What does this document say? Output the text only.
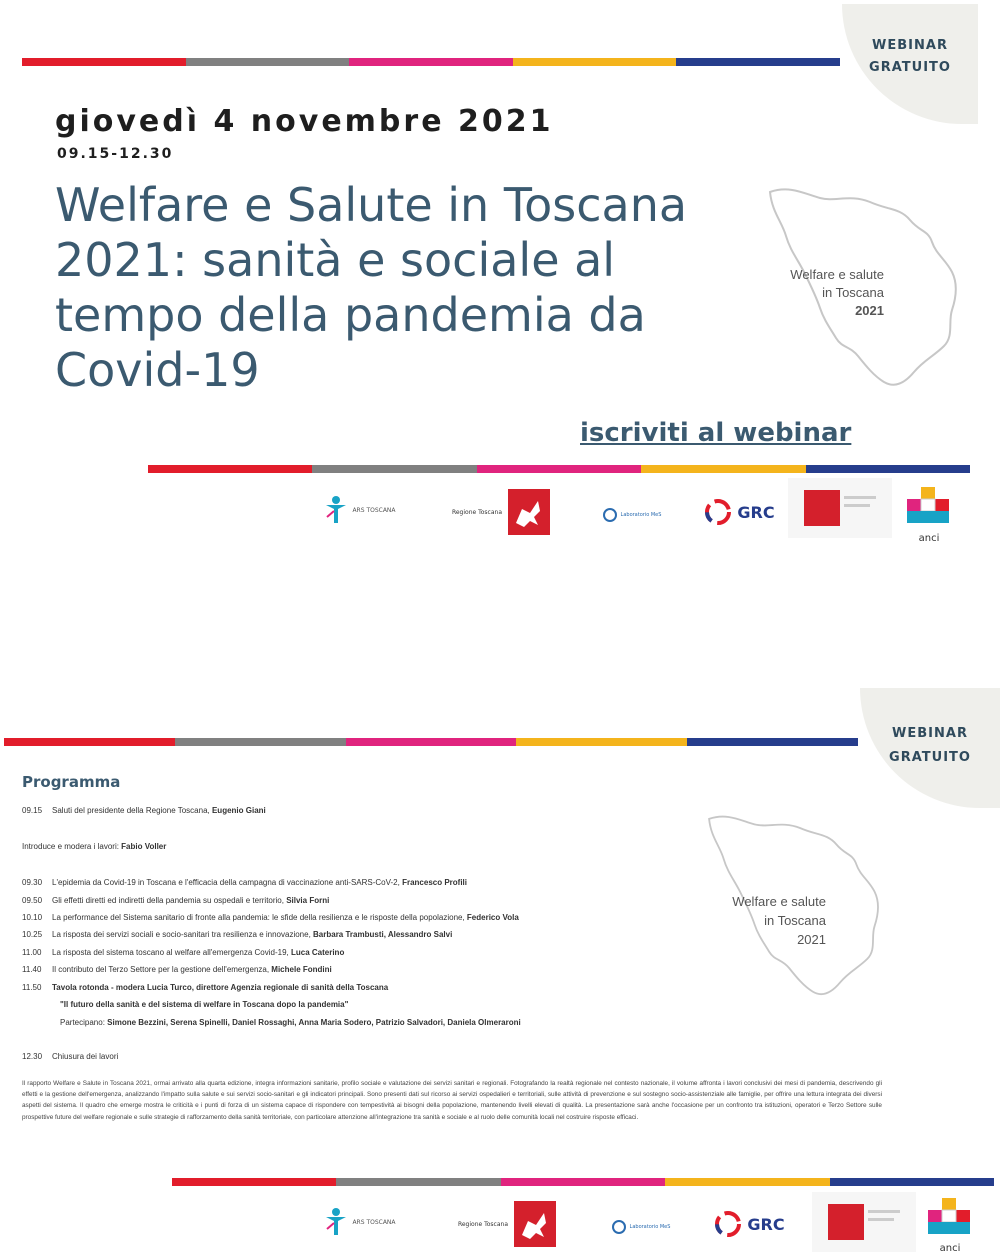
WEBINAR
GRATUITO
giovedì 4 novembre 2021
09.15-12.30
Welfare e Salute in Toscana 2021: sanità e sociale al tempo della pandemia da Covid-19
Welfare e salute
in Toscana
2021
iscriviti al webinar
ARS TOSCANA	Regione Toscana	Laboratorio MeS	GRC
anci
WEBINAR
GRATUITO
Programma
Welfare e salute
in Toscana
2021
09.15 Saluti del presidente della Regione Toscana, Eugenio Giani
Introduce e modera i lavori: Fabio Voller
09.30 L'epidemia da Covid-19 in Toscana e l'efficacia della campagna di vaccinazione anti-SARS-CoV-2, Francesco Profili
09.50 Gli effetti diretti ed indiretti della pandemia su ospedali e territorio, Silvia Forni
10.10 La performance del Sistema sanitario di fronte alla pandemia: le sfide della resilienza e le risposte della popolazione, Federico Vola
10.25 La risposta dei servizi sociali e socio-sanitari tra resilienza e innovazione, Barbara Trambusti, Alessandro Salvi
11.00 La risposta del sistema toscano al welfare all'emergenza Covid-19, Luca Caterino
11.40 Il contributo del Terzo Settore per la gestione dell'emergenza, Michele Fondini
11.50 Tavola rotonda - modera Lucia Turco, direttore Agenzia regionale di sanità della Toscana
"Il futuro della sanità e del sistema di welfare in Toscana dopo la pandemia"
Partecipano: Simone Bezzini, Serena Spinelli, Daniel Rossaghi, Anna Maria Sodero, Patrizio Salvadori, Daniela Olmeraroni
12.30 Chiusura dei lavori
Il rapporto Welfare e Salute in Toscana 2021, ormai arrivato alla quarta edizione, integra informazioni sanitarie, profilo sociale e valutazione dei servizi sanitari e regionali. Fotografando la realtà regionale nel contesto nazionale, il volume affronta i lavori conclusivi dei mesi di pandemia, descrivendo gli effetti e la gestione dell'emergenza, analizzando l'impatto sulla salute e sui servizi socio-sanitari e gli indicatori principali. Sono presenti dati sul ricorso ai servizi ospedalieri e territoriali, sulle attività di prevenzione e sul sostegno socio-assistenziale alle famiglie, per offrire una lettura integrata dei diversi aspetti del sistema. Il quadro che emerge mostra le criticità e i punti di forza di un sistema capace di rispondere con tempestività ai bisogni della popolazione, mantenendo livelli elevati di qualità. La presentazione sarà anche l'occasione per un confronto tra istituzioni, operatori e Terzo Settore sulle prospettive future del welfare regionale e sulle strategie di rafforzamento della sanità territoriale, con particolare attenzione all'integrazione tra sanità e sociale e al ruolo delle comunità locali nel costruire risposte efficaci.
ARS TOSCANA	Regione Toscana	Laboratorio MeS	GRC
anci
